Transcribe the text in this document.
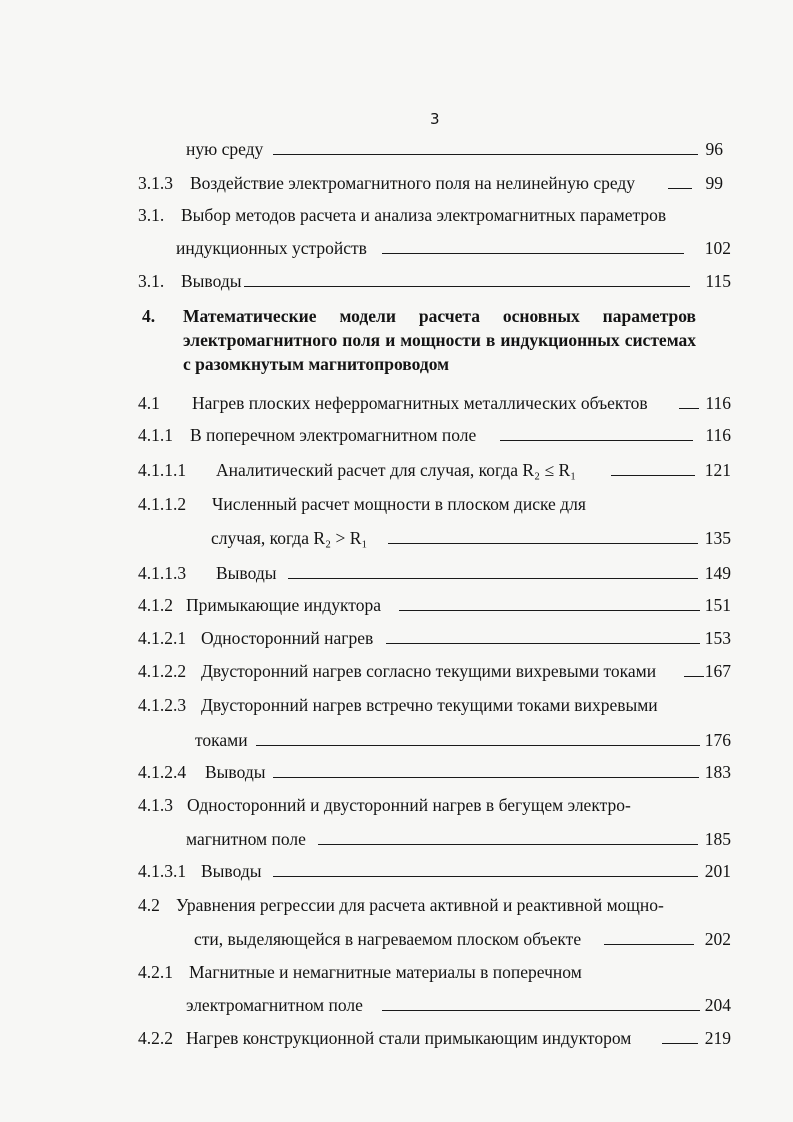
3
ную среду	96
3.1.3 Воздействие электромагнитного поля на нелинейную среду	99
3.1. Выбор методов расчета и анализа электромагнитных параметров
индукционных устройств	102
3.1. Выводы	115
4. Математические модели расчета основных параметров электромагнитного поля и мощности в индукционных системах с разомкнутым магнитопроводом
4.1 Нагрев плоских неферромагнитных металлических объектов	116
4.1.1 В поперечном электромагнитном поле	116
4.1.1.1 Аналитический расчет для случая, когда R₂ ≤ R₁	121
4.1.1.2 Численный расчет мощности в плоском диске для
случая, когда R₂ > R₁	135
4.1.1.3 Выводы	149
4.1.2 Примыкающие индуктора	151
4.1.2.1 Односторонний нагрев	153
4.1.2.2 Двусторонний нагрев согласно текущими вихревыми токами	167
4.1.2.3 Двусторонний нагрев встречно текущими токами вихревыми
токами	176
4.1.2.4 Выводы	183
4.1.3 Односторонний и двусторонний нагрев в бегущем электро-
магнитном поле	185
4.1.3.1 Выводы	201
4.2 Уравнения регрессии для расчета активной и реактивной мощно-
сти, выделяющейся в нагреваемом плоском объекте	202
4.2.1 Магнитные и немагнитные материалы в поперечном
электромагнитном поле	204
4.2.2 Нагрев конструкционной стали примыкающим индуктором	219
